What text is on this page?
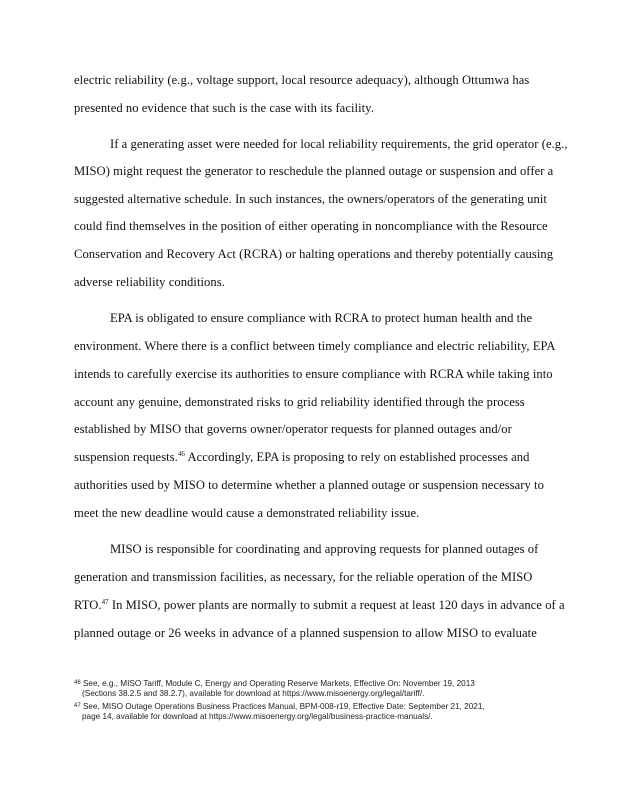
electric reliability (e.g., voltage support, local resource adequacy), although Ottumwa has
presented no evidence that such is the case with its facility.
If a generating asset were needed for local reliability requirements, the grid operator (e.g.,
MISO) might request the generator to reschedule the planned outage or suspension and offer a
suggested alternative schedule. In such instances, the owners/operators of the generating unit
could find themselves in the position of either operating in noncompliance with the Resource
Conservation and Recovery Act (RCRA) or halting operations and thereby potentially causing
adverse reliability conditions.
EPA is obligated to ensure compliance with RCRA to protect human health and the
environment. Where there is a conflict between timely compliance and electric reliability, EPA
intends to carefully exercise its authorities to ensure compliance with RCRA while taking into
account any genuine, demonstrated risks to grid reliability identified through the process
established by MISO that governs owner/operator requests for planned outages and/or
suspension requests.$^{46}$ Accordingly, EPA is proposing to rely on established processes and
authorities used by MISO to determine whether a planned outage or suspension necessary to
meet the new deadline would cause a demonstrated reliability issue.
MISO is responsible for coordinating and approving requests for planned outages of
generation and transmission facilities, as necessary, for the reliable operation of the MISO
RTO.$^{47}$ In MISO, power plants are normally to submit a request at least 120 days in advance of a
planned outage or 26 weeks in advance of a planned suspension to allow MISO to evaluate
$^{46}$ See, e.g., MISO Tariff, Module C, Energy and Operating Reserve Markets, Effective On: November 19, 2013
(Sections 38.2.5 and 38.2.7), available for download at https://www.misoenergy.org/legal/tariff/.
$^{47}$ See, MISO Outage Operations Business Practices Manual, BPM-008-r19, Effective Date: September 21, 2021,
page 14, available for download at https://www.misoenergy.org/legal/business-practice-manuals/.
